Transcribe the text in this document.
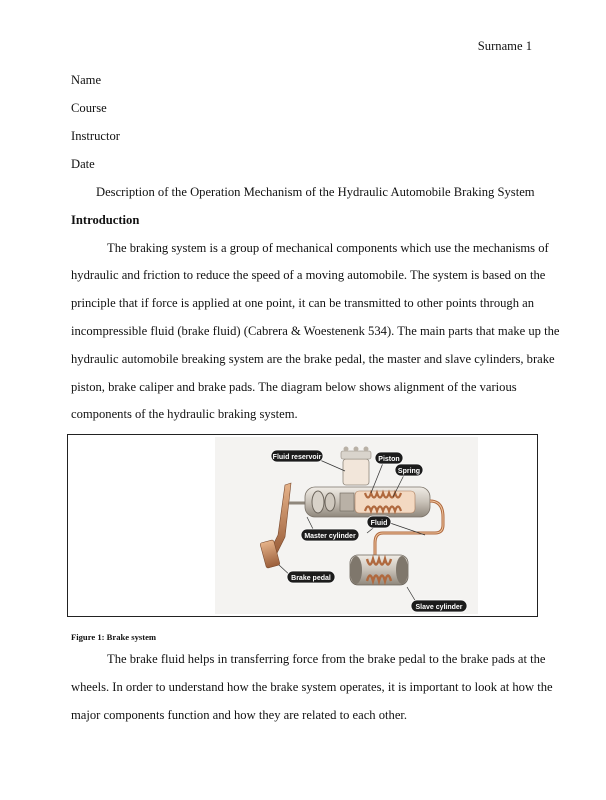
Surname 1
Name
Course
Instructor
Date
Description of the Operation Mechanism of the Hydraulic Automobile Braking System
Introduction
The braking system is a group of mechanical components which use the mechanisms of
hydraulic and friction to reduce the speed of a moving automobile. The system is based on the
principle that if force is applied at one point, it can be transmitted to other points through an
incompressible fluid (brake fluid) (Cabrera & Woestenenk 534). The main parts that make up the
hydraulic automobile breaking system are the brake pedal, the master and slave cylinders, brake
piston, brake caliper and brake pads. The diagram below shows alignment of the various
components of the hydraulic braking system.
Fluid reservoir	Piston
Spring
Fluid
Master cylinder
Brake pedal
Slave cylinder
Figure 1: Brake system
The brake fluid helps in transferring force from the brake pedal to the brake pads at the
wheels. In order to understand how the brake system operates, it is important to look at how the
major components function and how they are related to each other.
